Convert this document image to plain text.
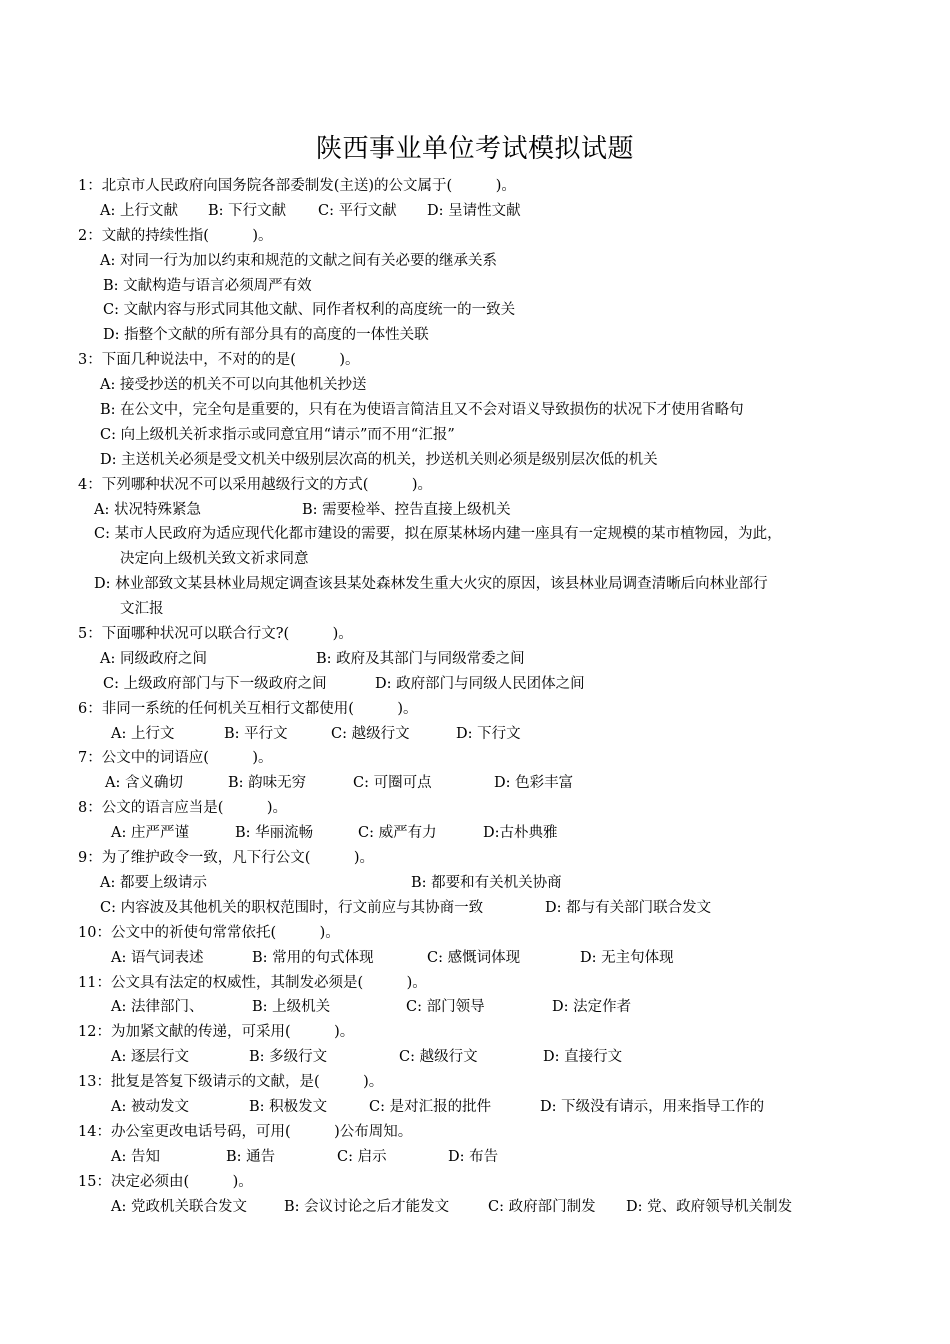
陕西事业单位考试模拟试题
1：北京市人民政府向国务院各部委制发(主送)的公文属于(　　　)。
A: 上行文献 B: 下行文献 C: 平行文献 D: 呈请性文献
2：文献的持续性指(　　　)。
A: 对同一行为加以约束和规范的文献之间有关必要的继承关系
B: 文献构造与语言必须周严有效
C: 文献内容与形式同其他文献、同作者权利的高度统一的一致关
D: 指整个文献的所有部分具有的高度的一体性关联
3：下面几种说法中，不对的的是(　　　)。
A: 接受抄送的机关不可以向其他机关抄送
B: 在公文中，完全句是重要的，只有在为使语言简洁且又不会对语义导致损伤的状况下才使用省略句
C: 向上级机关祈求指示或同意宜用“请示”而不用“汇报”
D: 主送机关必须是受文机关中级别层次高的机关，抄送机关则必须是级别层次低的机关
4：下列哪种状况不可以采用越级行文的方式(　　　)。
A: 状况特殊紧急	B: 需要检举、控告直接上级机关
C: 某市人民政府为适应现代化都市建设的需要，拟在原某林场内建一座具有一定规模的某市植物园，为此，
决定向上级机关致文祈求同意
D: 林业部致文某县林业局规定调查该县某处森林发生重大火灾的原因，该县林业局调查清晰后向林业部行
文汇报
5：下面哪种状况可以联合行文?(　　　)。
A: 同级政府之间	B: 政府及其部门与同级常委之间
C: 上级政府部门与下一级政府之间	D: 政府部门与同级人民团体之间
6：非同一系统的任何机关互相行文都使用(　　　)。
A: 上行文	B: 平行文	C: 越级行文	D: 下行文
7：公文中的词语应(　　　)。
A: 含义确切	B: 韵味无穷	C: 可圈可点	D: 色彩丰富
8：公文的语言应当是(　　　)。
A: 庄严严谨	B: 华丽流畅	C: 威严有力	D:古朴典雅
9：为了维护政令一致，凡下行公文(　　　)。
A: 都要上级请示	B: 都要和有关机关协商
C: 内容波及其他机关的职权范围时，行文前应与其协商一致	D: 都与有关部门联合发文
10：公文中的祈使句常常依托(　　　)。
A: 语气词表述	B: 常用的句式体现	C: 感慨词体现	D: 无主句体现
11：公文具有法定的权威性，其制发必须是(　　　)。
A: 法律部门、	B: 上级机关	C: 部门领导	D: 法定作者
12：为加紧文献的传递，可采用(　　　)。
A: 逐层行文	B: 多级行文	C: 越级行文	D: 直接行文
13：批复是答复下级请示的文献，是(　　　)。
A: 被动发文	B: 积极发文	C: 是对汇报的批件	D: 下级没有请示，用来指导工作的
14：办公室更改电话号码，可用(　　　)公布周知。
A: 告知	B: 通告	C: 启示	D: 布告
15：决定必须由(　　　)。
A: 党政机关联合发文	B: 会议讨论之后才能发文	C: 政府部门制发 D: 党、政府领导机关制发
